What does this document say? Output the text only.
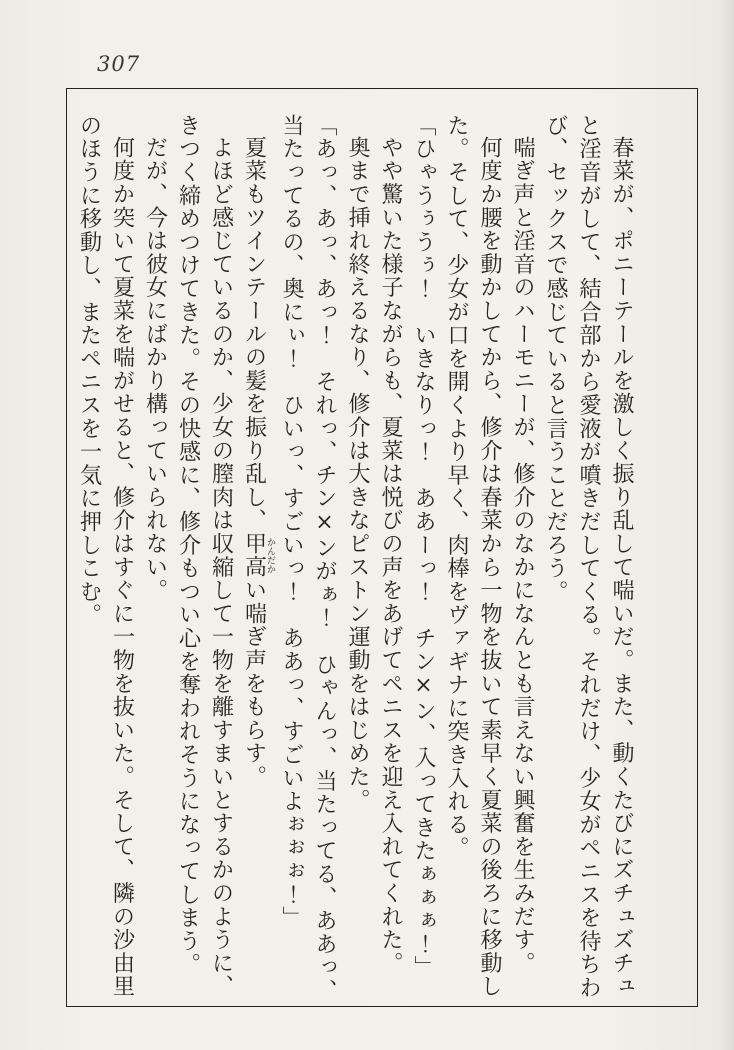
307
春菜が、ポニーテールを激しく振り乱して喘いだ。また、動くたびにズチュズチュ
と淫音がして、結合部から愛液が噴きだしてくる。それだけ、少女がペニスを待ちわ
び、セックスで感じていると言うことだろう。
喘ぎ声と淫音のハーモニーが、修介のなかになんとも言えない興奮を生みだす。
何度か腰を動かしてから、修介は春菜から一物を抜いて素早く夏菜の後ろに移動し
た。そして、少女が口を開くより早く、肉棒をヴァギナに突き入れる。
「ひゃうぅうぅ！　いきなりっ！　ああーっ！　チン×ン、入ってきたぁぁぁ！」
やや驚いた様子ながらも、夏菜は悦びの声をあげてペニスを迎え入れてくれた。
奥まで挿れ終えるなり、修介は大きなピストン運動をはじめた。
「あっ、あっ、あっ！　それっ、チン×ンがぁ！　ひゃんっ、当たってる、ああっ、
当たってるの、奥にぃ！　ひいっ、すごいっ！　ああっ、すごいよぉぉぉ！」
夏菜もツインテールの髪を振り乱し、甲高かんだかい喘ぎ声をもらす。
よほど感じているのか、少女の膣肉は収縮して一物を離すまいとするかのように、
きつく締めつけてきた。その快感に、修介もつい心を奪われそうになってしまう。
だが、今は彼女にばかり構っていられない。
何度か突いて夏菜を喘がせると、修介はすぐに一物を抜いた。そして、隣の沙由里
のほうに移動し、またペニスを一気に押しこむ。
